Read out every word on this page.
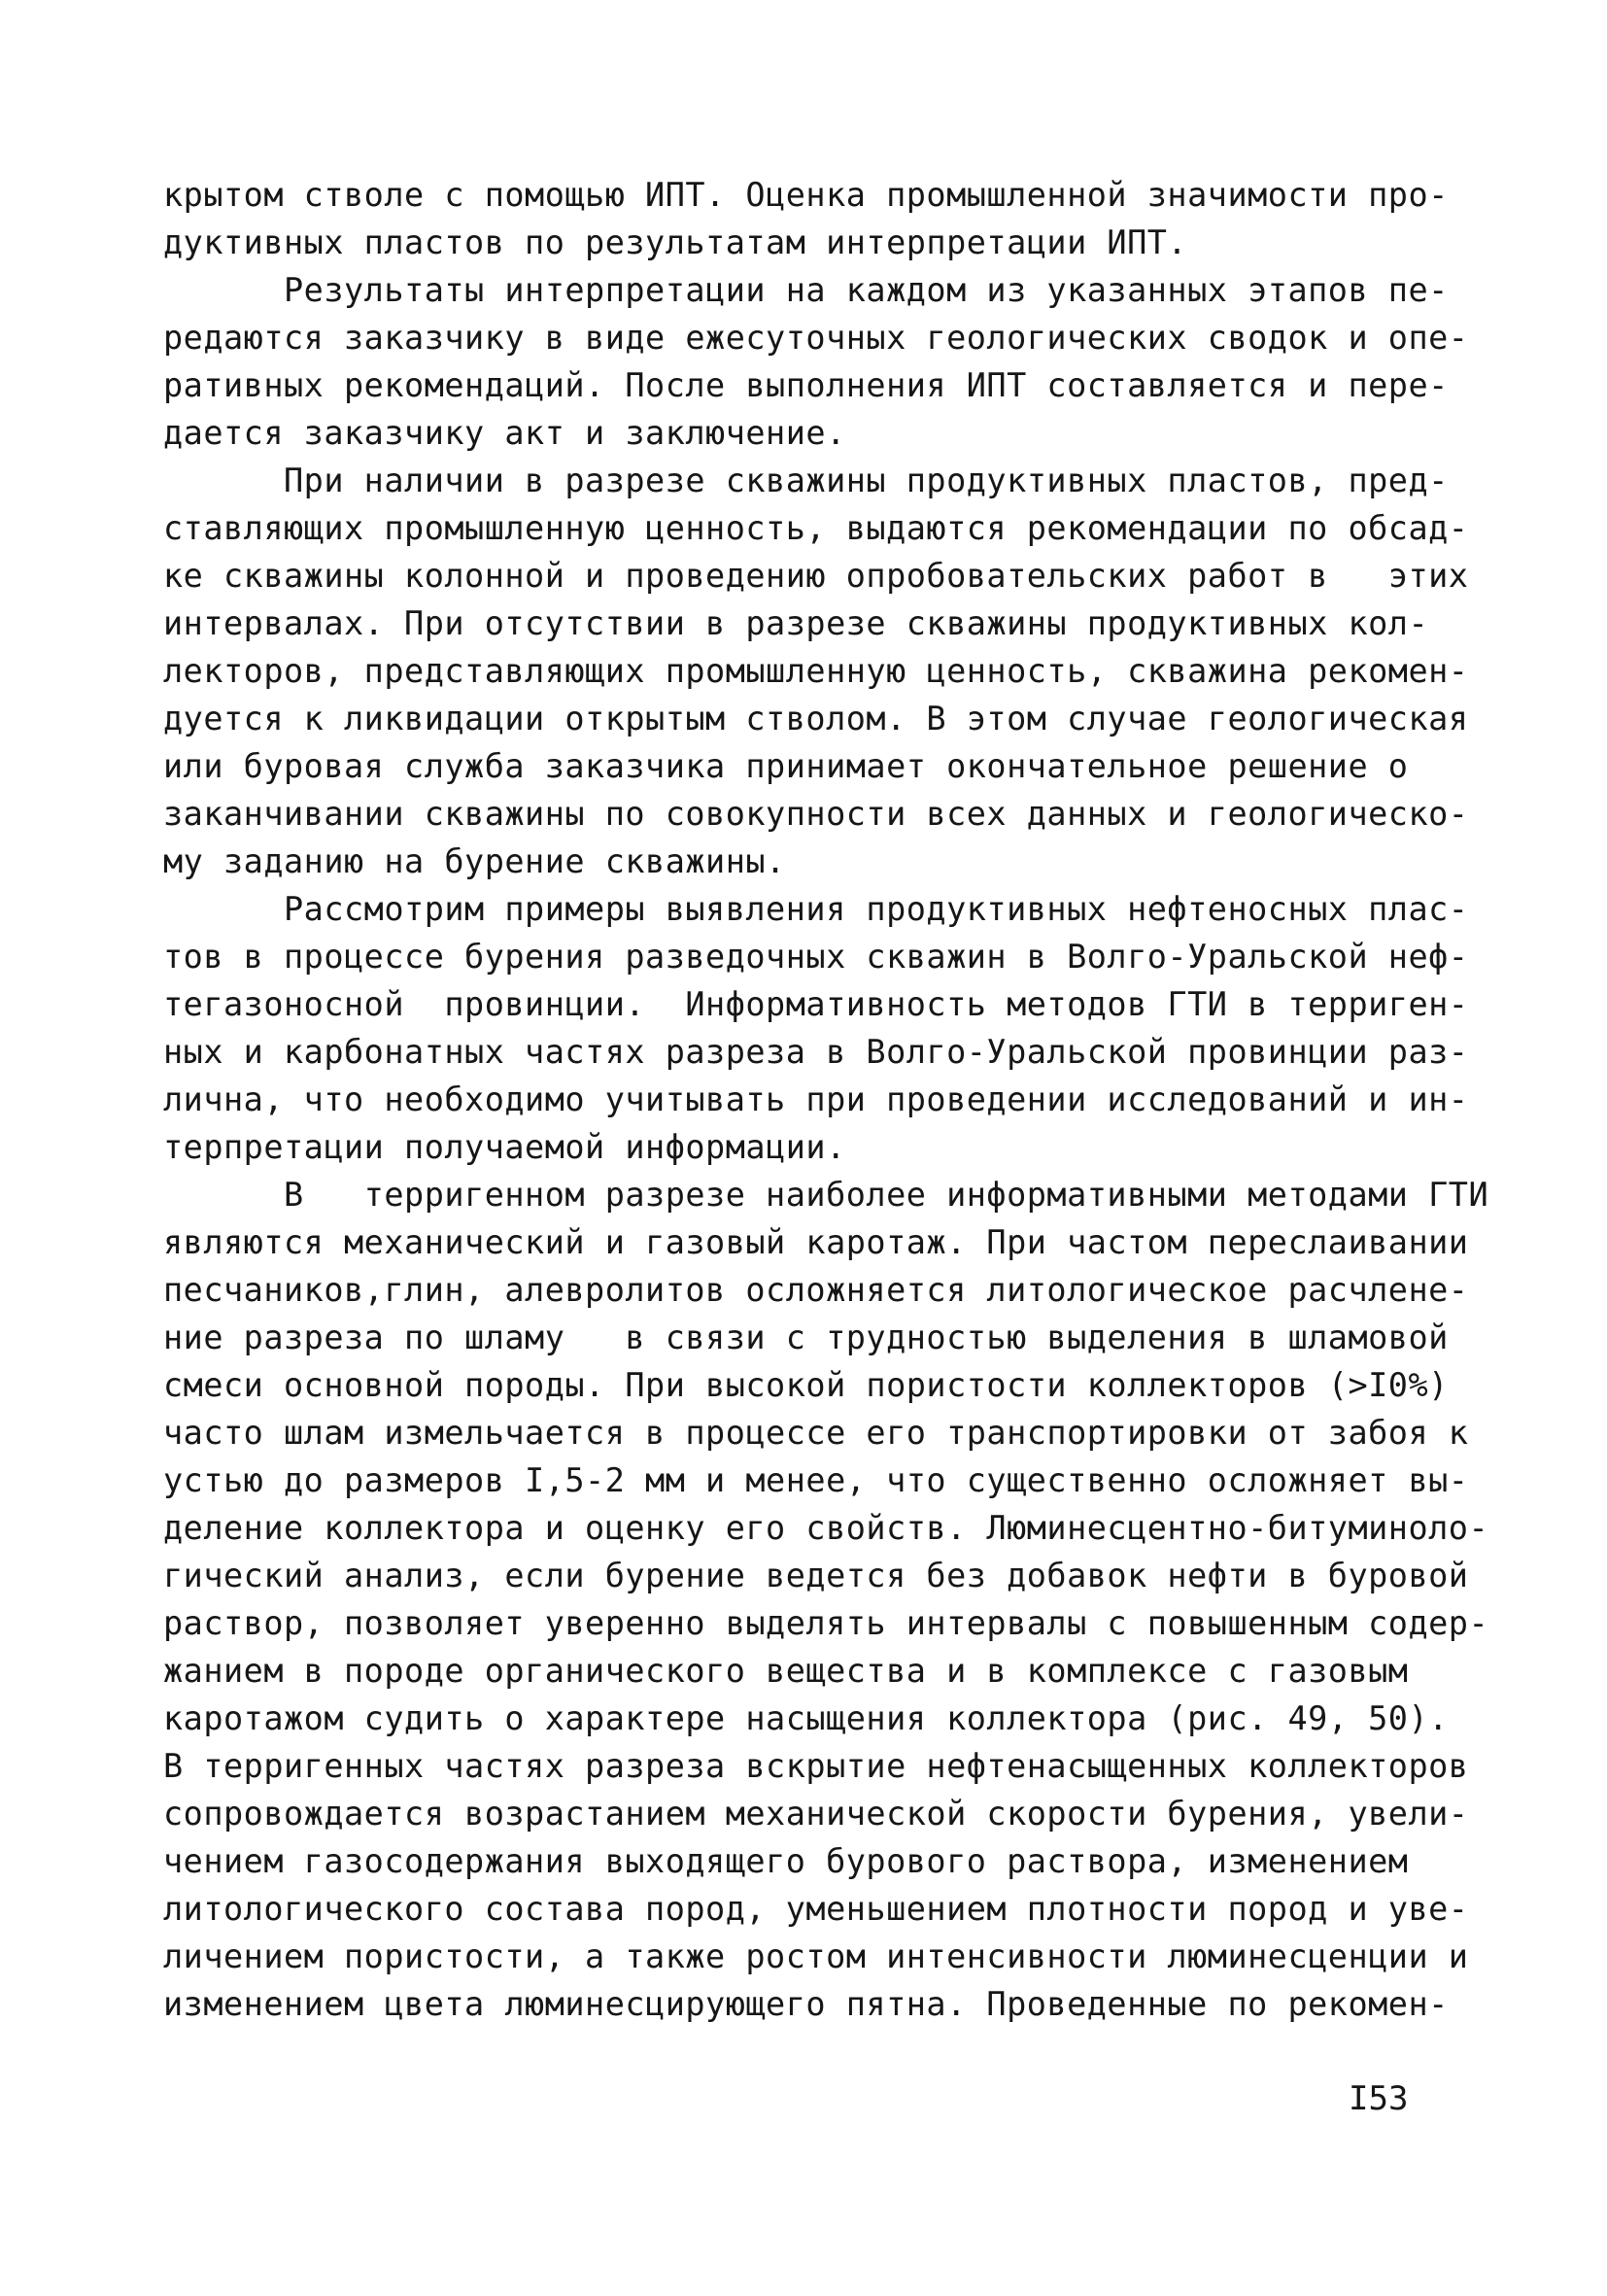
крытом стволе с помощью ИПТ. Оценка промышленной значимости про-
дуктивных пластов по результатам интерпретации ИПТ.
Результаты интерпретации на каждом из указанных этапов пе-
редаются заказчику в виде ежесуточных геологических сводок и опе-
ративных рекомендаций. После выполнения ИПТ составляется и пере-
дается заказчику акт и заключение.
При наличии в разрезе скважины продуктивных пластов, пред-
ставляющих промышленную ценность, выдаются рекомендации по обсад-
ке скважины колонной и проведению опробовательских работ в   этих
интервалах. При отсутствии в разрезе скважины продуктивных кол-
лекторов, представляющих промышленную ценность, скважина рекомен-
дуется к ликвидации открытым стволом. В этом случае геологическая
или буровая служба заказчика принимает окончательное решение о
заканчивании скважины по совокупности всех данных и геологическо-
му заданию на бурение скважины.
Рассмотрим примеры выявления продуктивных нефтеносных плас-
тов в процессе бурения разведочных скважин в Волго-Уральской неф-
тегазоносной  провинции.  Информативность методов ГТИ в терриген-
ных и карбонатных частях разреза в Волго-Уральской провинции раз-
лична, что необходимо учитывать при проведении исследований и ин-
терпретации получаемой информации.
В   терригенном разрезе наиболее информативными методами ГТИ
являются механический и газовый каротаж. При частом переслаивании
песчаников,глин, алевролитов осложняется литологическое расчлене-
ние разреза по шламу   в связи с трудностью выделения в шламовой
смеси основной породы. При высокой пористости коллекторов (>I0%)
часто шлам измельчается в процессе его транспортировки от забоя к
устью до размеров I,5-2 мм и менее, что существенно осложняет вы-
деление коллектора и оценку его свойств. Люминесцентно-битуминоло-
гический анализ, если бурение ведется без добавок нефти в буровой
раствор, позволяет уверенно выделять интервалы с повышенным содер-
жанием в породе органического вещества и в комплексе с газовым
каротажом судить о характере насыщения коллектора (рис. 49, 50).
В терригенных частях разреза вскрытие нефтенасыщенных коллекторов
сопровождается возрастанием механической скорости бурения, увели-
чением газосодержания выходящего бурового раствора, изменением
литологического состава пород, уменьшением плотности пород и уве-
личением пористости, а также ростом интенсивности люминесценции и
изменением цвета люминесцирующего пятна. Проведенные по рекомен-
I53
